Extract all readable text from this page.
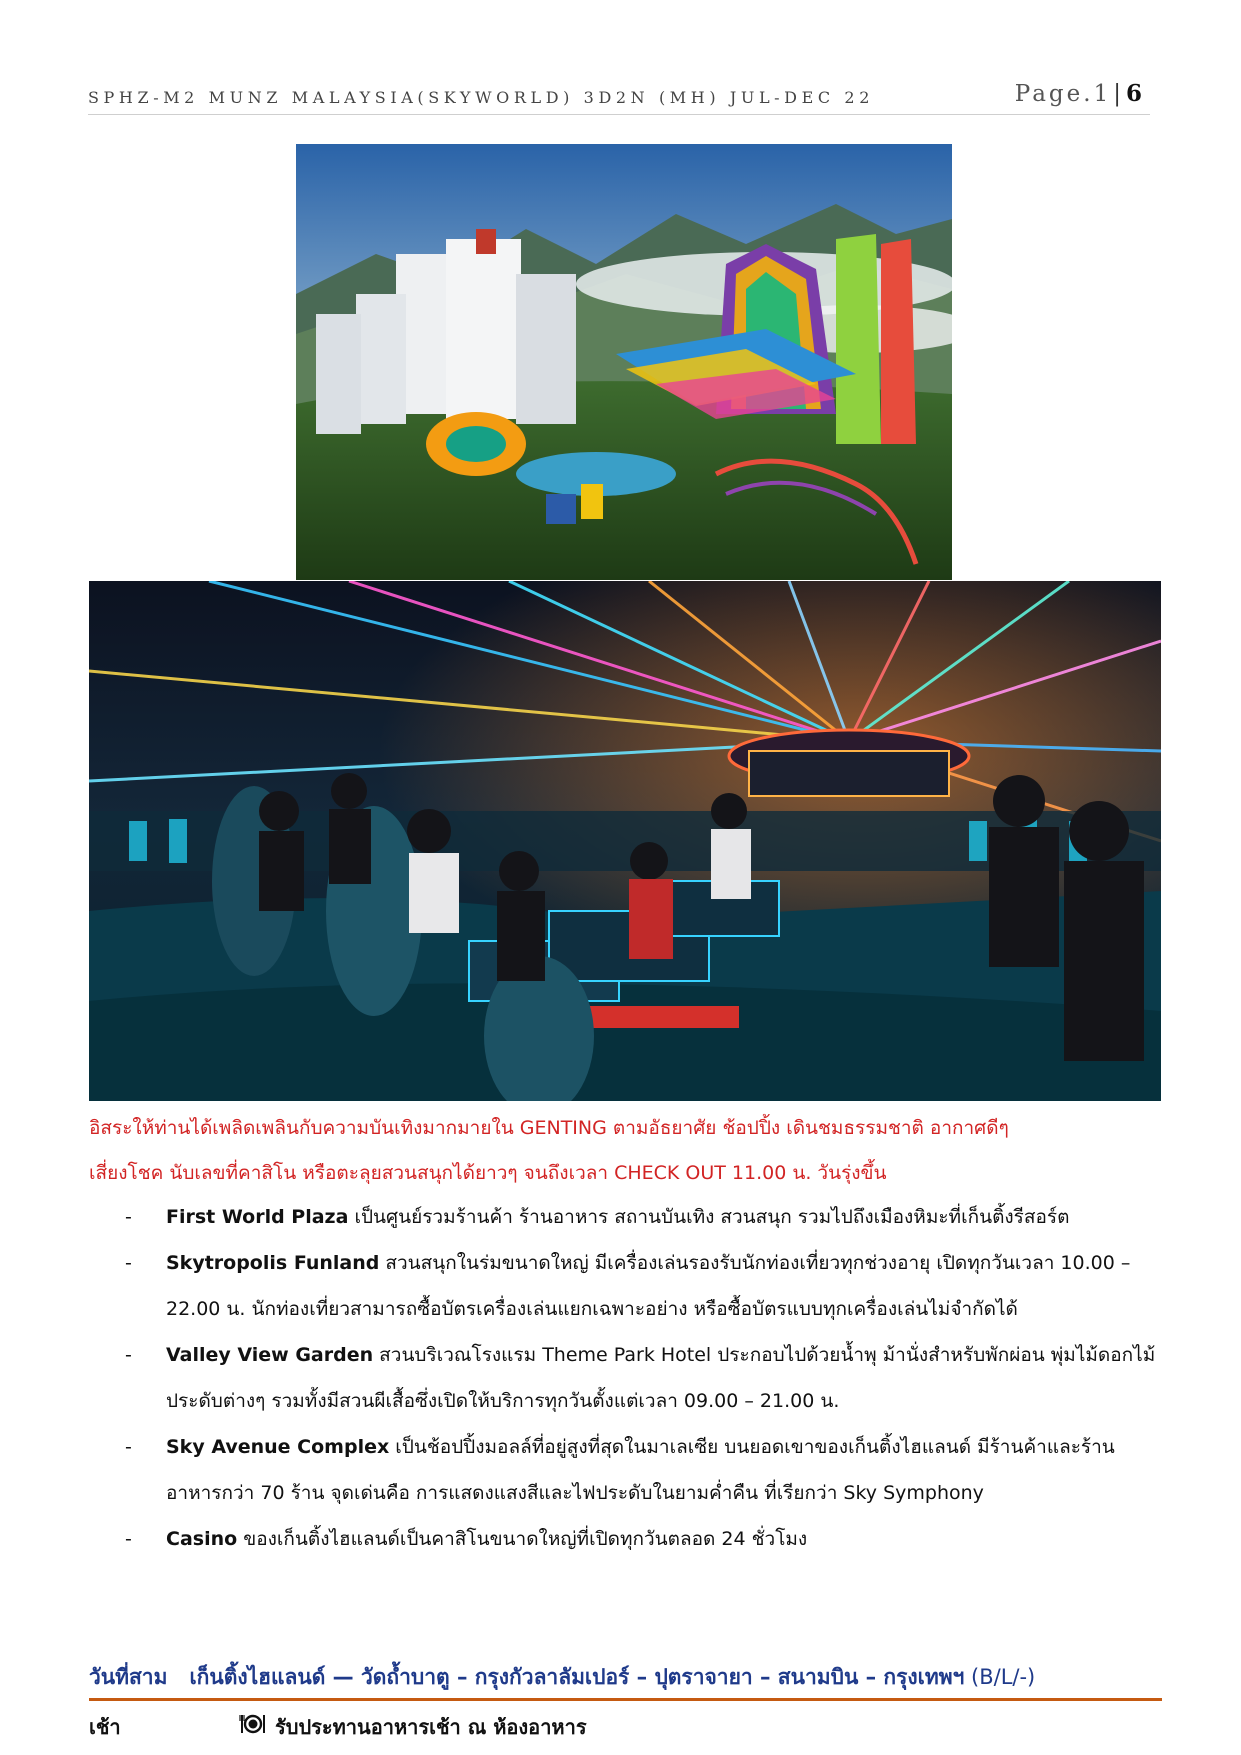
SPHZ-M2 MUNZ MALAYSIA(SKYWORLD) 3D2N (MH) JUL-DEC 22	Page.1|6

อิสระให้ท่านได้เพลิดเพลินกับความบันเทิงมากมายใน GENTING ตามอัธยาศัย ช้อปปิ้ง เดินชมธรรมชาติ อากาศดีๆ

เสี่ยงโชค นับเลขที่คาสิโน หรือตะลุยสวนสนุกได้ยาวๆ จนถึงเวลา CHECK OUT 11.00 น. วันรุ่งขึ้น

- First World Plaza เป็นศูนย์รวมร้านค้า ร้านอาหาร สถานบันเทิง สวนสนุก รวมไปถึงเมืองหิมะที่เก็นติ้งรีสอร์ต
- Skytropolis Funland สวนสนุกในร่มขนาดใหญ่ มีเครื่องเล่นรองรับนักท่องเที่ยวทุกช่วงอายุ เปิดทุกวันเวลา 10.00 – 22.00 น. นักท่องเที่ยวสามารถซื้อบัตรเครื่องเล่นแยกเฉพาะอย่าง หรือซื้อบัตรแบบทุกเครื่องเล่นไม่จำกัดได้
- Valley View Garden สวนบริเวณโรงแรม Theme Park Hotel ประกอบไปด้วยน้ำพุ ม้านั่งสำหรับพักผ่อน พุ่มไม้ดอกไม้ประดับต่างๆ รวมทั้งมีสวนผีเสื้อซึ่งเปิดให้บริการทุกวันตั้งแต่เวลา 09.00 – 21.00 น.
- Sky Avenue Complex เป็นช้อปปิ้งมอลล์ที่อยู่สูงที่สุดในมาเลเซีย บนยอดเขาของเก็นติ้งไฮแลนด์ มีร้านค้าและร้านอาหารกว่า 70 ร้าน จุดเด่นคือ การแสดงแสงสีและไฟประดับในยามค่ำคืน ที่เรียกว่า Sky Symphony
- Casino ของเก็นติ้งไฮแลนด์เป็นคาสิโนขนาดใหญ่ที่เปิดทุกวันตลอด 24 ชั่วโมง
วันที่สาม เก็นติ้งไฮแลนด์ — วัดถ้ำบาตู – กรุงกัวลาลัมเปอร์ – ปุตราจายา – สนามบิน – กรุงเทพฯ (B/L/-)
เช้า	รับประทานอาหารเช้า ณ ห้องอาหาร
